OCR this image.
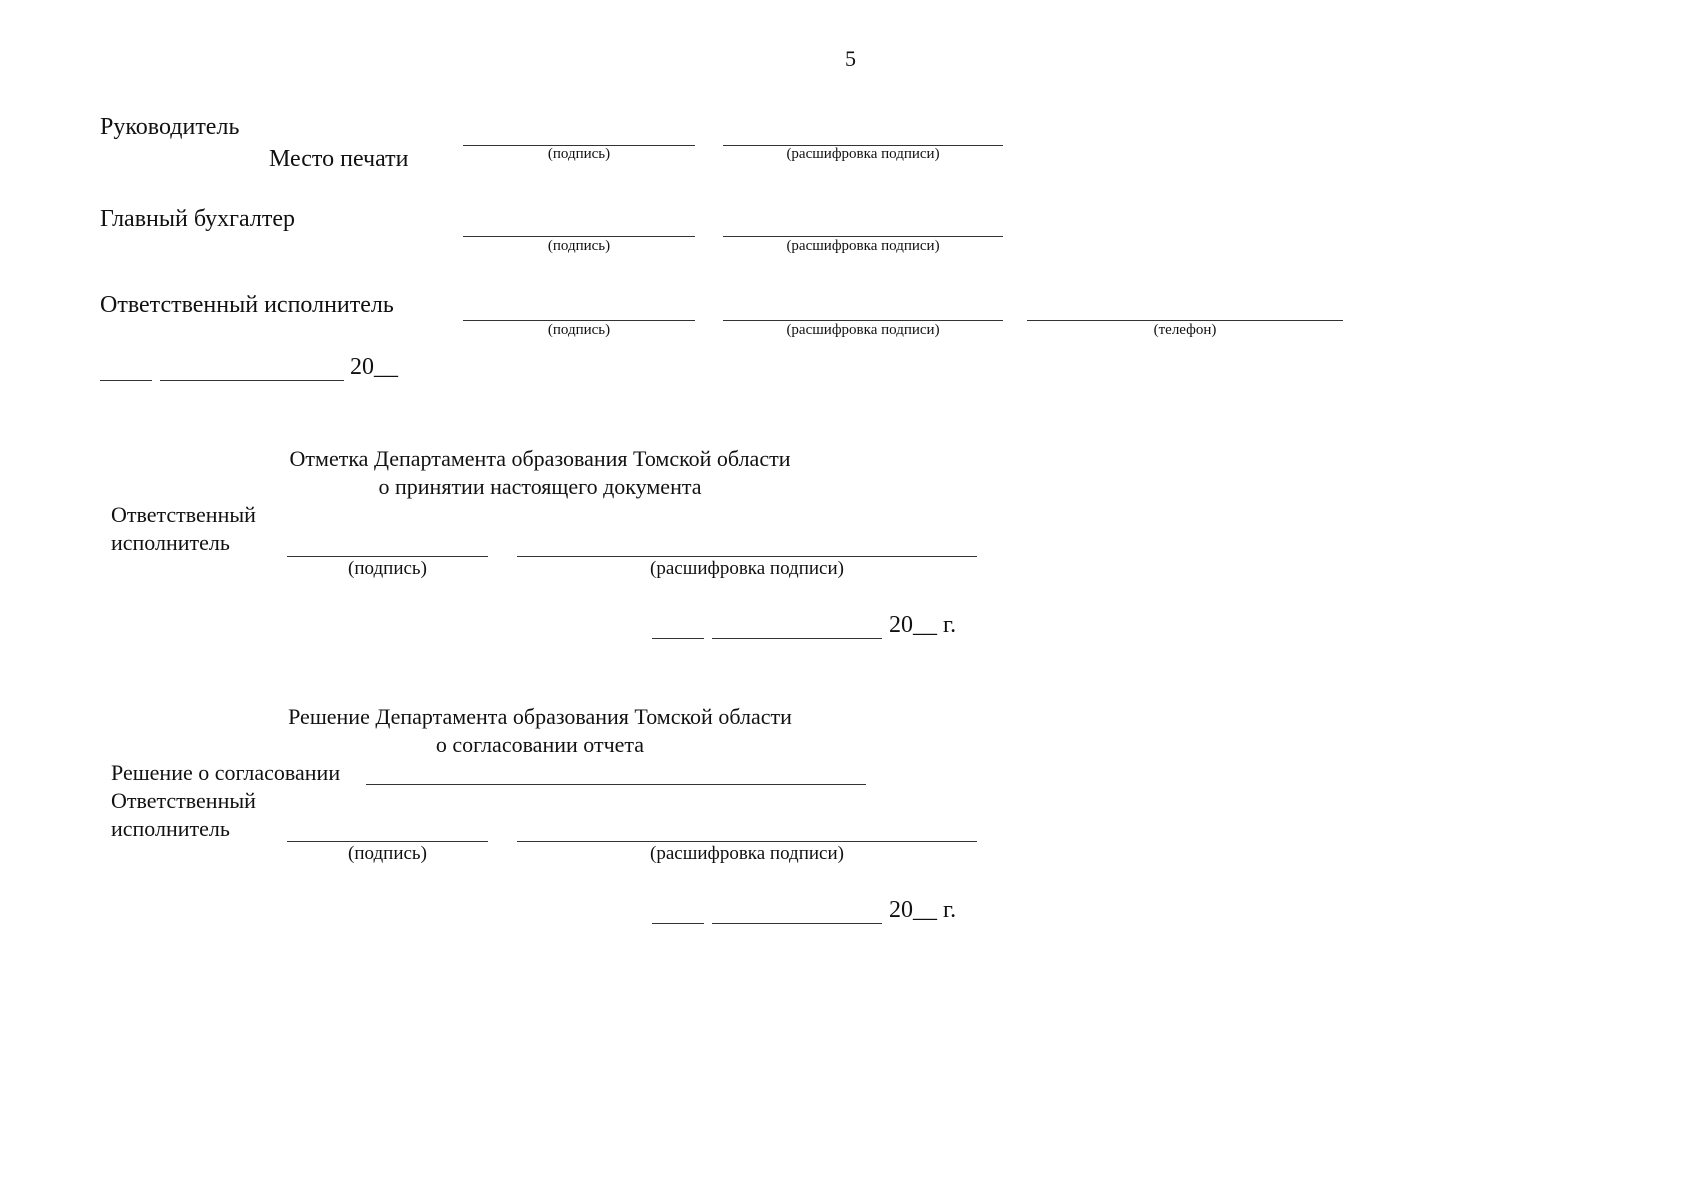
5
Руководитель
Место печати	(подпись)	(расшифровка подписи)
Главный бухгалтер
(подпись)	(расшифровка подписи)
Ответственный исполнитель
(подпись)	(расшифровка подписи)	(телефон)
20__
Отметка Департамента образования Томской области
о принятии настоящего документа
Ответственный
исполнитель
(подпись)	(расшифровка подписи)
20__ г.
Решение Департамента образования Томской области
о согласовании отчета
Решение о согласовании
Ответственный
исполнитель
(подпись)	(расшифровка подписи)
20__ г.
